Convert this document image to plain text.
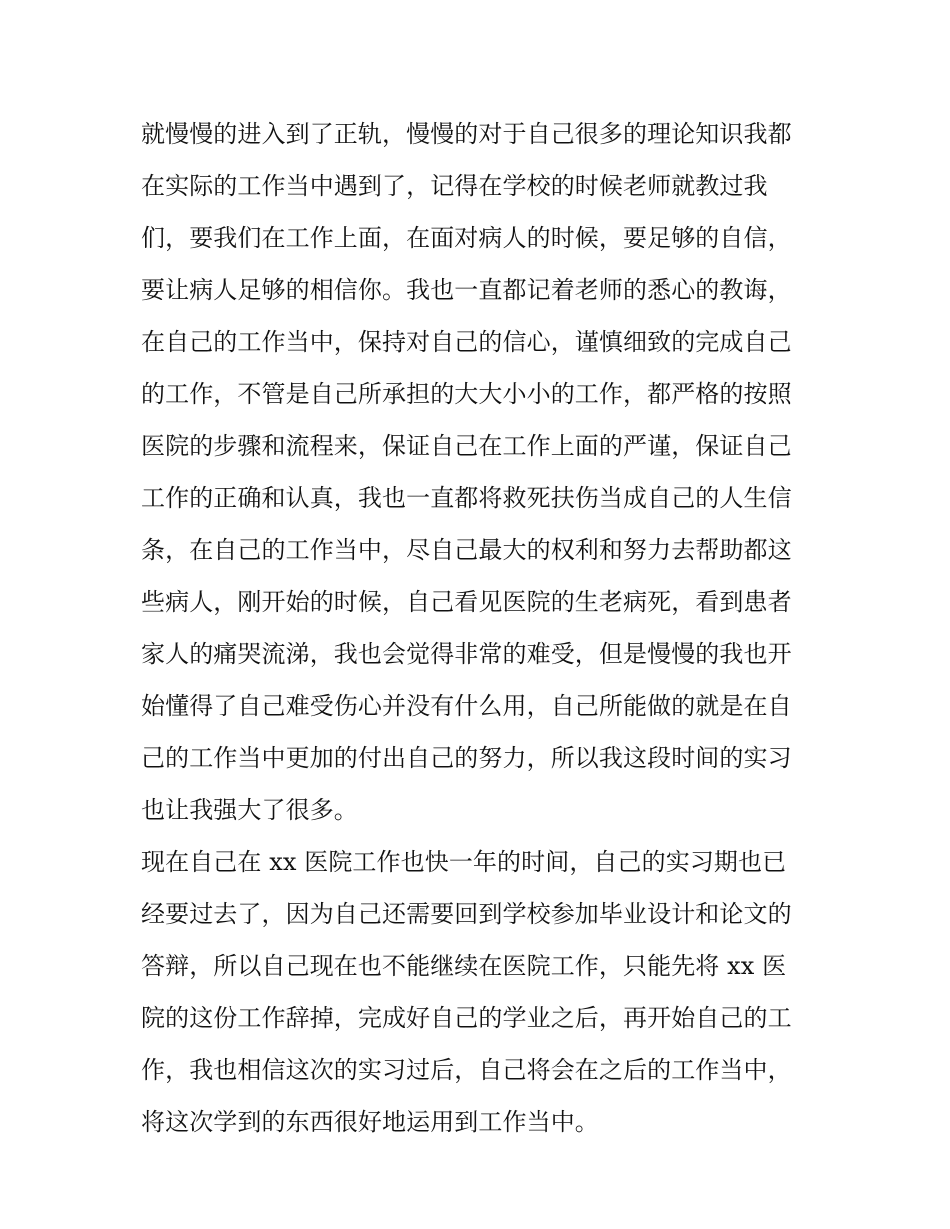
就慢慢的进入到了正轨，慢慢的对于自己很多的理论知识我都
在实际的工作当中遇到了，记得在学校的时候老师就教过我
们，要我们在工作上面，在面对病人的时候，要足够的自信，
要让病人足够的相信你。我也一直都记着老师的悉心的教诲，
在自己的工作当中，保持对自己的信心，谨慎细致的完成自己
的工作，不管是自己所承担的大大小小的工作，都严格的按照
医院的步骤和流程来，保证自己在工作上面的严谨，保证自己
工作的正确和认真，我也一直都将救死扶伤当成自己的人生信
条，在自己的工作当中，尽自己最大的权利和努力去帮助都这
些病人，刚开始的时候，自己看见医院的生老病死，看到患者
家人的痛哭流涕，我也会觉得非常的难受，但是慢慢的我也开
始懂得了自己难受伤心并没有什么用，自己所能做的就是在自
己的工作当中更加的付出自己的努力，所以我这段时间的实习
也让我强大了很多。
现在自己在 xx 医院工作也快一年的时间，自己的实习期也已
经要过去了，因为自己还需要回到学校参加毕业设计和论文的
答辩，所以自己现在也不能继续在医院工作，只能先将 xx 医
院的这份工作辞掉，完成好自己的学业之后，再开始自己的工
作，我也相信这次的实习过后，自己将会在之后的工作当中，
将这次学到的东西很好地运用到工作当中。
